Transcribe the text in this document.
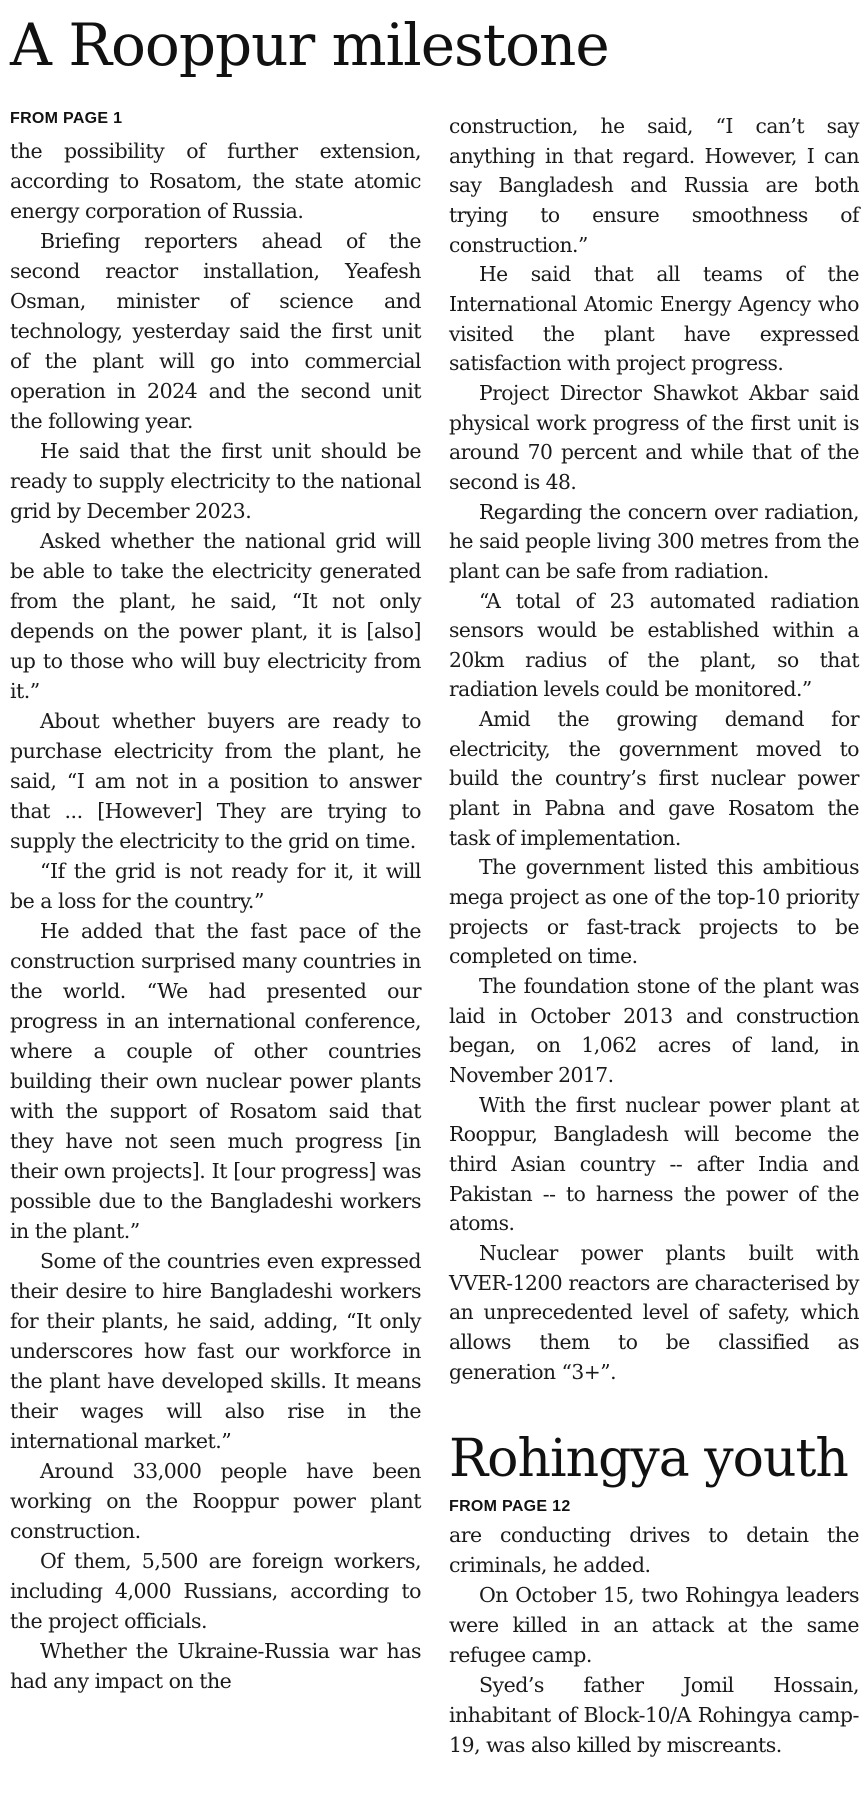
A Rooppur milestone
FROM PAGE 1

the possibility of further extension, according to Rosatom, the state atomic energy corporation of Russia.

Briefing reporters ahead of the second reactor installation, Yeafesh Osman, minister of science and technology, yesterday said the first unit of the plant will go into commercial operation in 2024 and the second unit the following year.

He said that the first unit should be ready to supply electricity to the national grid by December 2023.

Asked whether the national grid will be able to take the electricity generated from the plant, he said, “It not only depends on the power plant, it is [also] up to those who will buy electricity from it.”

About whether buyers are ready to purchase electricity from the plant, he said, “I am not in a position to answer that ... [However] They are trying to supply the electricity to the grid on time.

“If the grid is not ready for it, it will be a loss for the country.”

He added that the fast pace of the construction surprised many countries in the world. “We had presented our progress in an international conference, where a couple of other countries building their own nuclear power plants with the support of Rosatom said that they have not seen much progress [in their own projects]. It [our progress] was possible due to the Bangladeshi workers in the plant.”

Some of the countries even expressed their desire to hire Bangladeshi workers for their plants, he said, adding, “It only underscores how fast our workforce in the plant have developed skills. It means their wages will also rise in the international market.”

Around 33,000 people have been working on the Rooppur power plant construction.

Of them, 5,500 are foreign workers, including 4,000 Russians, according to the project officials.

Whether the Ukraine-Russia war has had any impact on the

construction, he said, “I can’t say anything in that regard. However, I can say Bangladesh and Russia are both trying to ensure smoothness of construction.”

He said that all teams of the International Atomic Energy Agency who visited the plant have expressed satisfaction with project progress.

Project Director Shawkot Akbar said physical work progress of the first unit is around 70 percent and while that of the second is 48.

Regarding the concern over radiation, he said people living 300 metres from the plant can be safe from radiation.

“A total of 23 automated radiation sensors would be established within a 20km radius of the plant, so that radiation levels could be monitored.”

Amid the growing demand for electricity, the government moved to build the country’s first nuclear power plant in Pabna and gave Rosatom the task of implementation.

The government listed this ambitious mega project as one of the top-10 priority projects or fast-track projects to be completed on time.

The foundation stone of the plant was laid in October 2013 and construction began, on 1,062 acres of land, in November 2017.

With the first nuclear power plant at Rooppur, Bangladesh will become the third Asian country -- after India and Pakistan -- to harness the power of the atoms.

Nuclear power plants built with VVER-1200 reactors are characterised by an unprecedented level of safety, which allows them to be classified as generation “3+”.

Rohingya youth
FROM PAGE 12

are conducting drives to detain the criminals, he added.

On October 15, two Rohingya leaders were killed in an attack at the same refugee camp.

Syed’s father Jomil Hossain, inhabitant of Block-10/A Rohingya camp-19, was also killed by miscreants.
